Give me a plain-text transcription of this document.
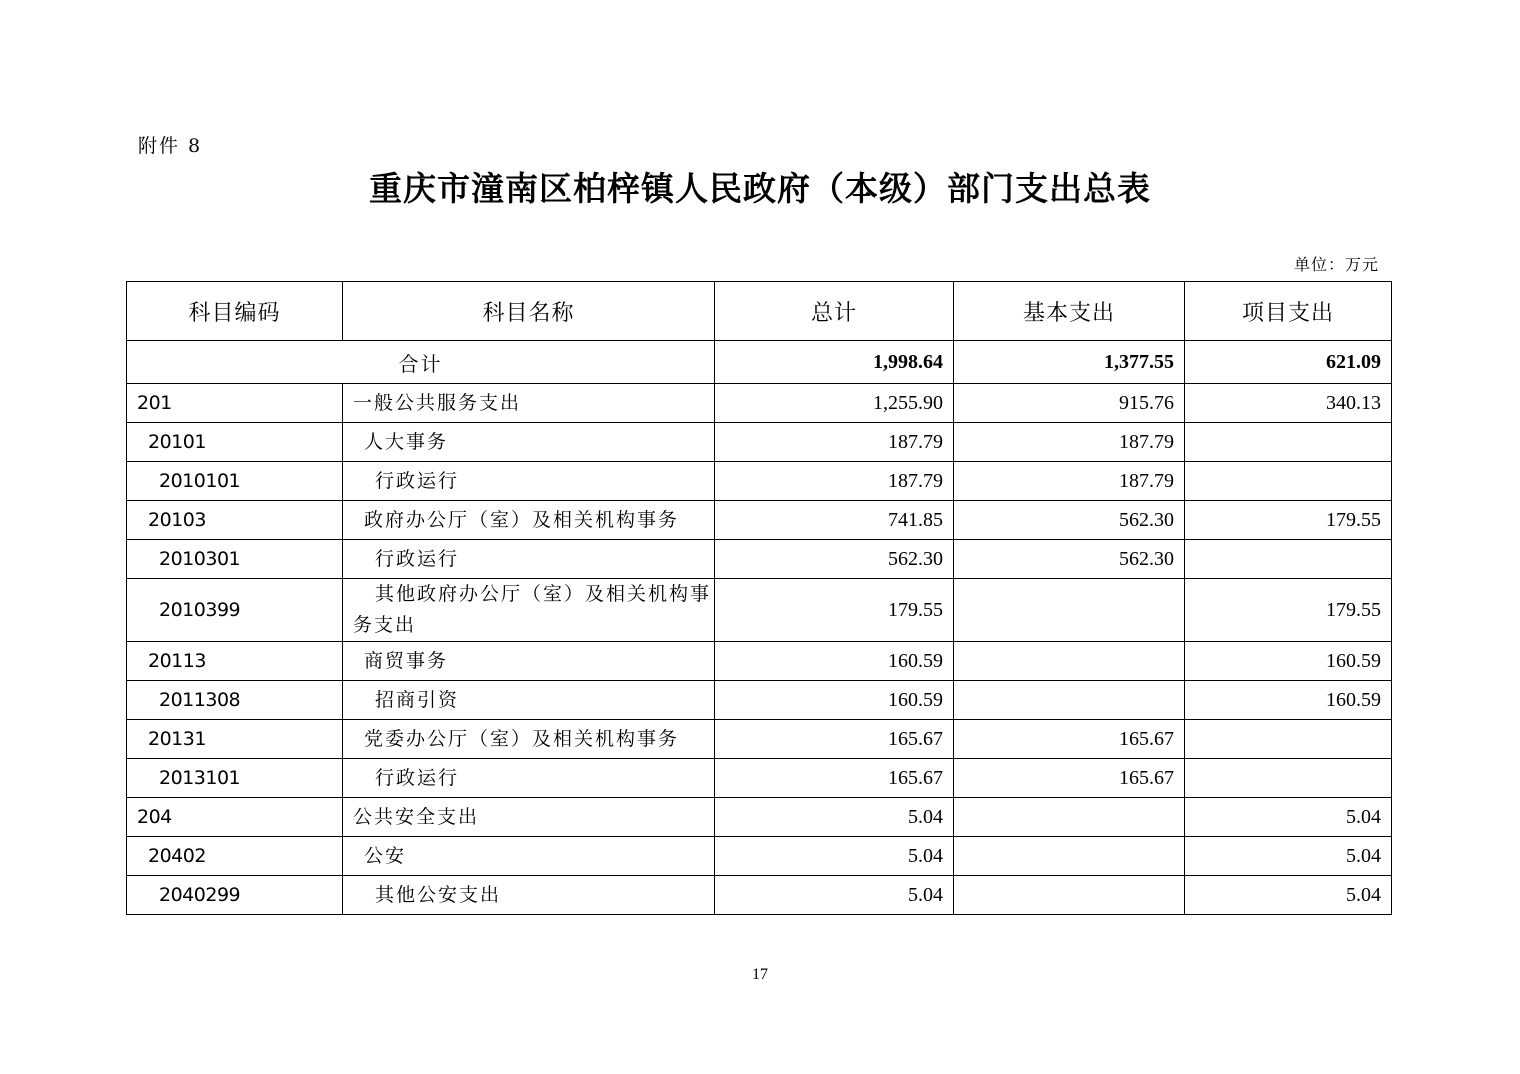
附件 8
重庆市潼南区柏梓镇人民政府（本级）部门支出总表
单位：万元
科目编码	科目名称	总计	基本支出	项目支出
合计		1,998.64	1,377.55	621.09
201	一般公共服务支出	1,255.90	915.76	340.13
20101	人大事务	187.79	187.79	
2010101	行政运行	187.79	187.79	
20103	政府办公厅（室）及相关机构事务	741.85	562.30	179.55
2010301	行政运行	562.30	562.30	
2010399	其他政府办公厅（室）及相关机构事务支出	179.55		179.55
20113	商贸事务	160.59		160.59
2011308	招商引资	160.59		160.59
20131	党委办公厅（室）及相关机构事务	165.67	165.67	
2013101	行政运行	165.67	165.67	
204	公共安全支出	5.04		5.04
20402	公安	5.04		5.04
2040299	其他公安支出	5.04		5.04
17
